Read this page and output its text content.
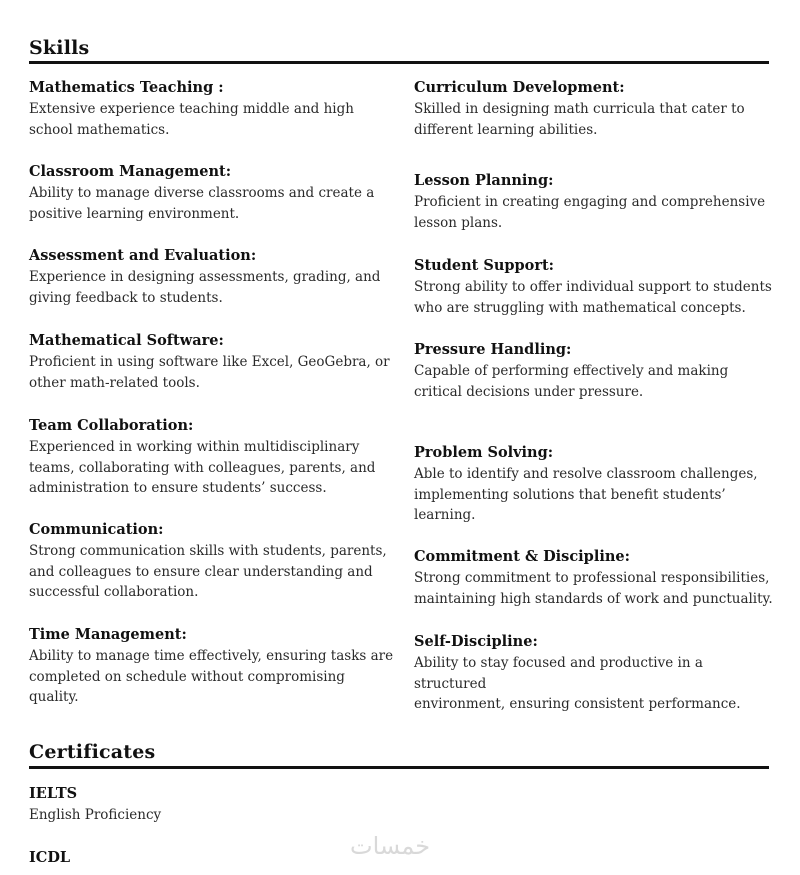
Skills
Mathematics Teaching :

Extensive experience teaching middle and high
school mathematics.

Classroom Management:

Ability to manage diverse classrooms and create a
positive learning environment.

Assessment and Evaluation:

Experience in designing assessments, grading, and
giving feedback to students.

Mathematical Software:

Proficient in using software like Excel, GeoGebra, or
other math-related tools.

Team Collaboration:

Experienced in working within multidisciplinary
teams, collaborating with colleagues, parents, and
administration to ensure students’ success.

Communication:

Strong communication skills with students, parents,
and colleagues to ensure clear understanding and
successful collaboration.

Time Management:

Ability to manage time effectively, ensuring tasks are
completed on schedule without compromising
quality.

Curriculum Development:

Skilled in designing math curricula that cater to
different learning abilities.

Lesson Planning:

Proficient in creating engaging and comprehensive
lesson plans.

Student Support:

Strong ability to offer individual support to students
who are struggling with mathematical concepts.

Pressure Handling:

Capable of performing effectively and making
critical decisions under pressure.

Problem Solving:

Able to identify and resolve classroom challenges,
implementing solutions that benefit students’
learning.

Commitment & Discipline:

Strong commitment to professional responsibilities,
maintaining high standards of work and punctuality.

Self-Discipline:

Ability to stay focused and productive in a structured
environment, ensuring consistent performance.

Certificates
IELTS

English Proficiency

ICDL	خمسات
